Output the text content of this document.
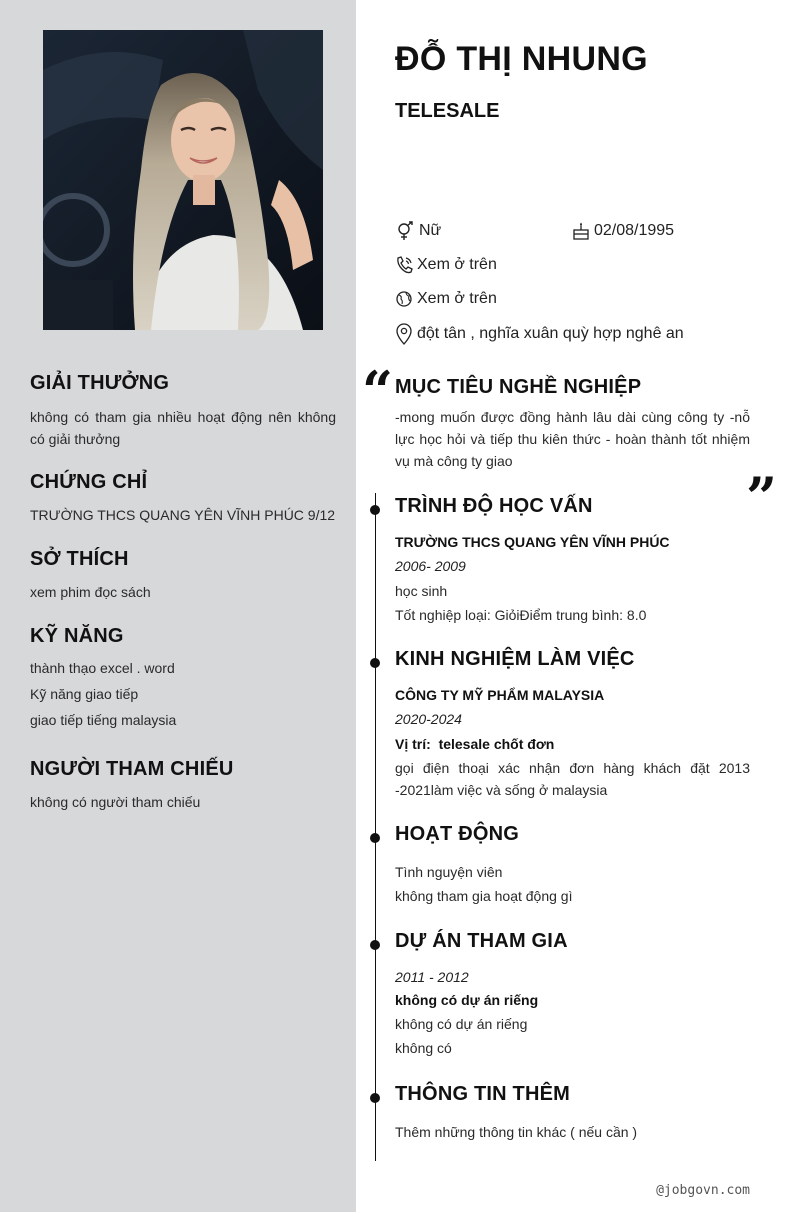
GIẢI THƯỞNG

không có tham gia nhiều hoạt động nên không có giải thưởng

CHỨNG CHỈ

TRƯỜNG THCS QUANG YÊN VĨNH PHÚC 9/12

SỞ THÍCH

xem phim đọc sách

KỸ NĂNG

thành thạo excel . word

Kỹ năng giao tiếp

giao tiếp tiếng malaysia

NGƯỜI THAM CHIẾU

không có người tham chiếu

ĐỖ THỊ NHUNG
TELESALE
Nữ	02/08/1995
Xem ở trên
Xem ở trên
đột tân , nghĩa xuân quỳ hợp nghê an
“
”
MỤC TIÊU NGHỀ NGHIỆP

-mong muốn được đồng hành lâu dài cùng công ty -nỗ lực học hỏi và tiếp thu kiên thức - hoàn thành tốt nhiệm vụ mà công ty giao

TRÌNH ĐỘ HỌC VẤN

TRƯỜNG THCS QUANG YÊN VĨNH PHÚC

2006- 2009

học sinh

Tốt nghiệp loại: GiỏiĐiểm trung bình: 8.0

KINH NGHIỆM LÀM VIỆC

CÔNG TY MỸ PHẨM MALAYSIA

2020-2024

Vị trí: telesale chốt đơn

gọi điện thoại xác nhận đơn hàng khách đặt 2013 -2021làm việc và sống ở malaysia

HOẠT ĐỘNG

Tình nguyện viên

không tham gia hoạt động gì

DỰ ÁN THAM GIA

2011 - 2012

không có dự án riếng

không có dự án riếng

không có

THÔNG TIN THÊM

Thêm những thông tin khác ( nếu cần )

@jobgovn.com
